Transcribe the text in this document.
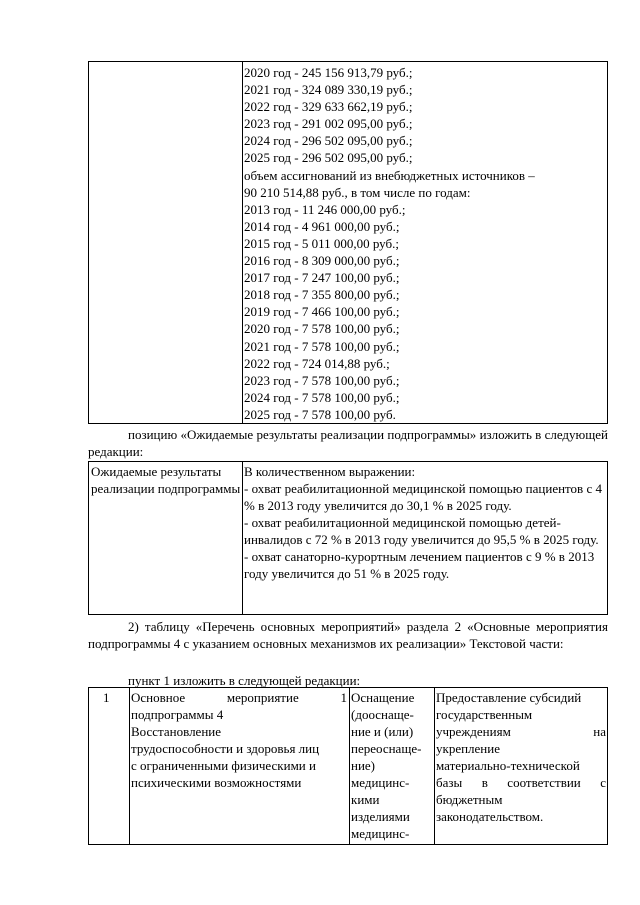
2020 год - 245 156 913,79 руб.;
2021 год - 324 089 330,19 руб.;
2022 год - 329 633 662,19 руб.;
2023 год - 291 002 095,00 руб.;
2024 год - 296 502 095,00 руб.;
2025 год - 296 502 095,00 руб.;
объем ассигнований из внебюджетных источников –
90 210 514,88 руб., в том числе по годам:
2013 год - 11 246 000,00 руб.;
2014 год - 4 961 000,00 руб.;
2015 год - 5 011 000,00 руб.;
2016 год - 8 309 000,00 руб.;
2017 год - 7 247 100,00 руб.;
2018 год - 7 355 800,00 руб.;
2019 год - 7 466 100,00 руб.;
2020 год - 7 578 100,00 руб.;
2021 год - 7 578 100,00 руб.;
2022 год - 724 014,88 руб.;
2023 год - 7 578 100,00 руб.;
2024 год - 7 578 100,00 руб.;
2025 год - 7 578 100,00 руб.
позицию «Ожидаемые результаты реализации подпрограммы» изложить в следующей редакции:
Ожидаемые результаты реализации подпрограммы
В количественном выражении:
- охват реабилитационной медицинской помощью пациентов с 4 % в 2013 году увеличится до 30,1 % в 2025 году.
- охват реабилитационной медицинской помощью детей-инвалидов с 72 % в 2013 году увеличится до 95,5 % в 2025 году.
- охват санаторно-курортным лечением пациентов с 9 % в 2013 году увеличится до 51 % в 2025 году.
2) таблицу «Перечень основных мероприятий» раздела 2 «Основные мероприятия подпрограммы 4 с указанием основных механизмов их реализации» Текстовой части:
пункт 1 изложить в следующей редакции:
1 Основное мероприятие 1
подпрограммы 4
Восстановление
трудоспособности и здоровья лиц
с ограниченными физическими и
психическими возможностями
Оснащение
(дооснаще-
ние и (или)
переоснаще-
ние)
медицинс-
кими
изделиями
медицинс-
Предоставление субсидий
государственным
учреждениям на
укрепление
материально-технической
базы в соответствии с
бюджетным
законодательством.
